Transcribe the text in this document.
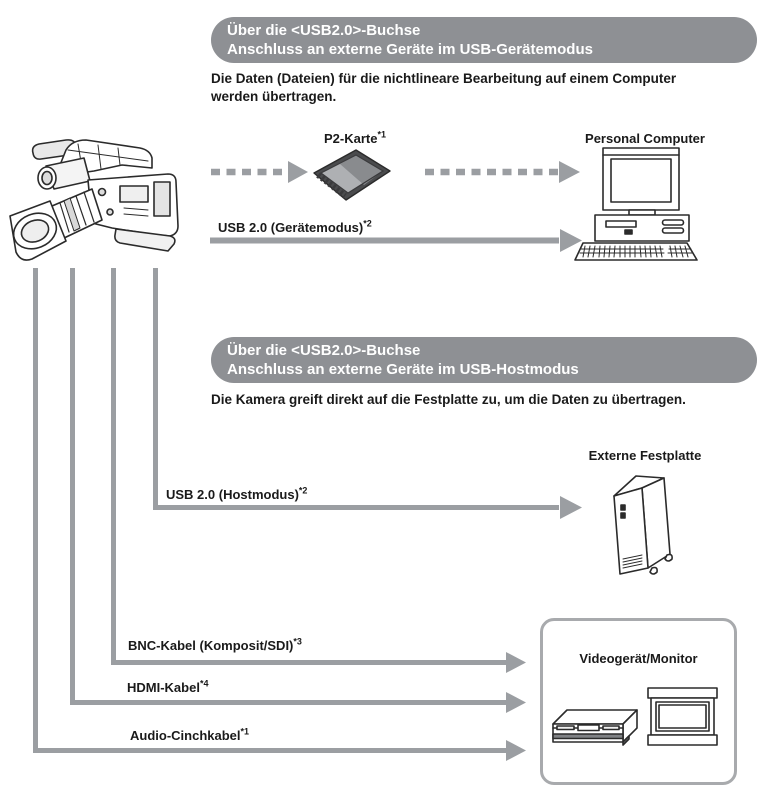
Über die <USB2.0>-Buchse
Anschluss an externe Geräte im USB-Gerätemodus
Die Daten (Dateien) für die nichtlineare Bearbeitung auf einem Computer
werden übertragen.
P2-Karte$^{*1}$	Personal Computer
USB 2.0 (Gerätemodus)$^{*2}$
Über die <USB2.0>-Buchse
Anschluss an externe Geräte im USB-Hostmodus
Die Kamera greift direkt auf die Festplatte zu, um die Daten zu übertragen.
USB 2.0 (Hostmodus)$^{*2}$
Externe Festplatte
BNC-Kabel (Komposit/SDI)$^{*3}$
HDMI-Kabel$^{*4}$
Audio-Cinchkabel$^{*1}$
Videogerät/Monitor
